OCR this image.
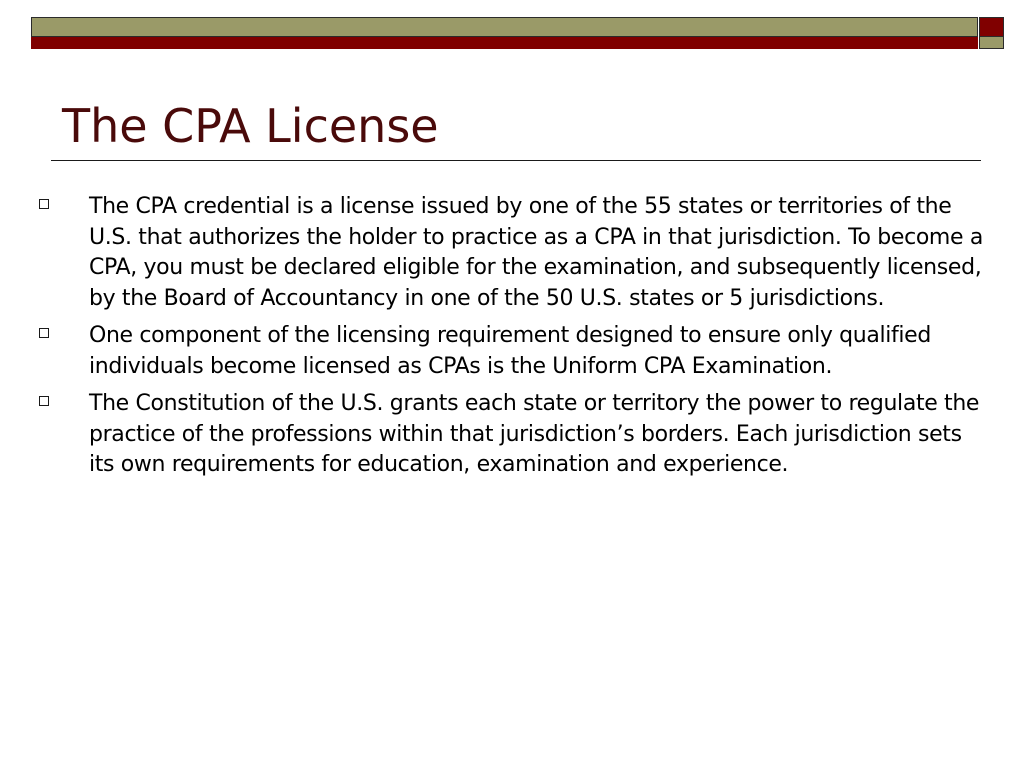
The CPA License
The CPA credential is a license issued by one of the 55 states or territories of the U.S. that authorizes the holder to practice as a CPA in that jurisdiction. To become a CPA, you must be declared eligible for the examination, and subsequently licensed, by the Board of Accountancy in one of the 50 U.S. states or 5 jurisdictions.
One component of the licensing requirement designed to ensure only qualified individuals become licensed as CPAs is the Uniform CPA Examination.
The Constitution of the U.S. grants each state or territory the power to regulate the practice of the professions within that jurisdiction’s borders. Each jurisdiction sets its own requirements for education, examination and experience.
